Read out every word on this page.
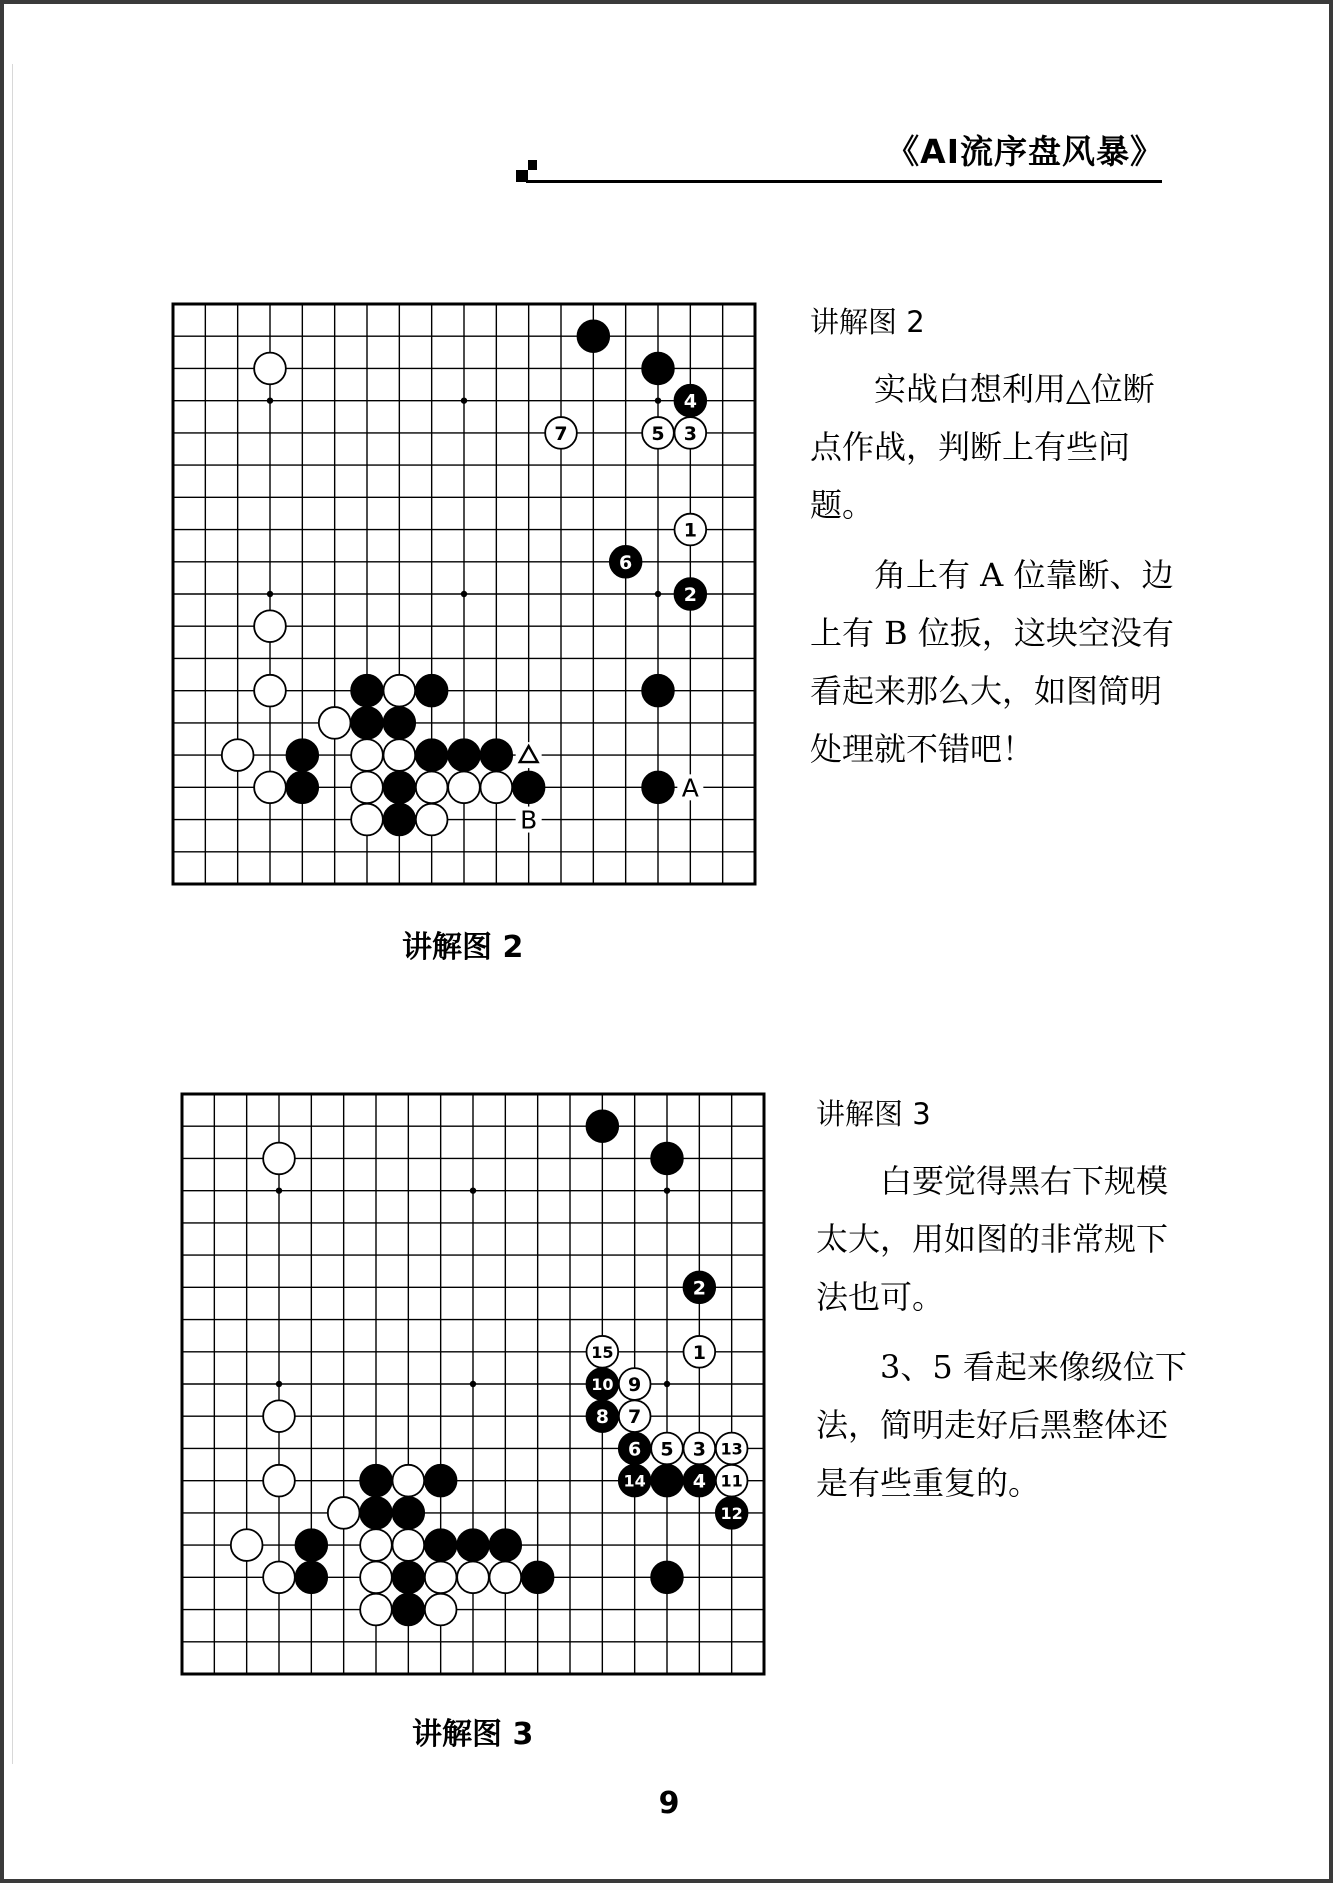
《AI流序盘风暴》
4
7	5 3
1
6
2
A
B
讲解图 2
讲解图 2

实战白想利用△位断点作战，判断上有些问题。

角上有 A 位靠断、边上有 B 位扳，这块空没有看起来那么大，如图简明处理就不错吧！

2
15	1
10 9
8 7
6 5 3 13
14 4 11
12
讲解图 3
讲解图 3

白要觉得黑右下规模太大，用如图的非常规下法也可。

3、5 看起来像级位下法，简明走好后黑整体还是有些重复的。

9
